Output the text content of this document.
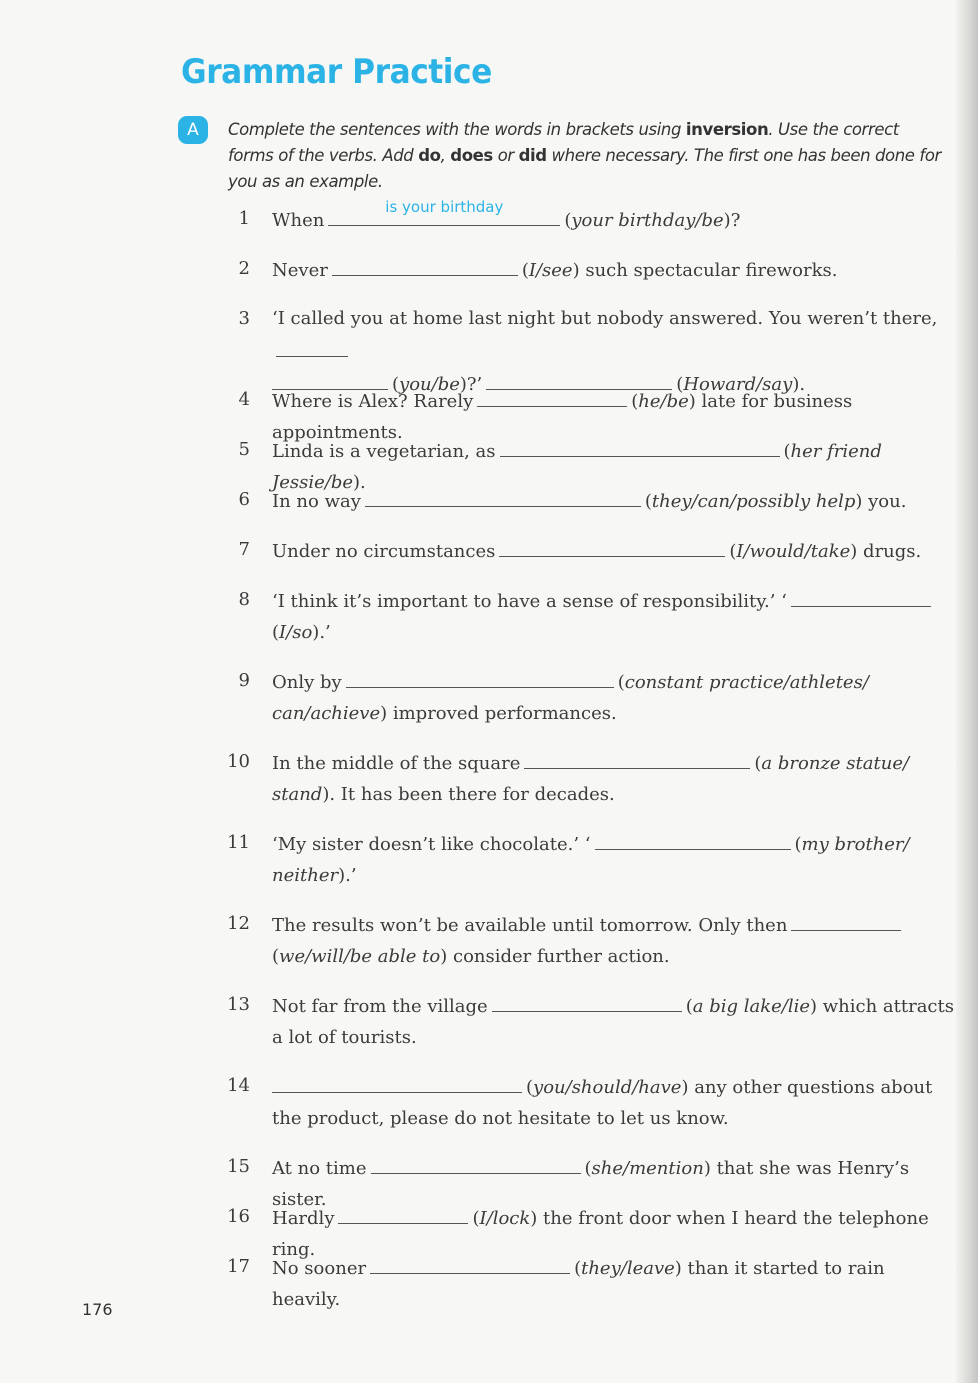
Grammar Practice
A	Complete the sentences with the words in brackets using inversion. Use the correct forms of the verbs. Add do, does or did where necessary. The first one has been done for you as an example.
1 When
is your birthday
(your birthday/be)?
2 Never	(I/see) such spectacular fireworks.
3 ‘I called you at home last night but nobody answered. You weren’t there,
(you/be)?’	(Howard/say).
4 Where is Alex? Rarely	(he/be) late for business appointments.
5 Linda is a vegetarian, as	(her friend Jessie/be).
6 In no way	(they/can/possibly help) you.
7 Under no circumstances	(I/would/take) drugs.
8 ‘I think it’s important to have a sense of responsibility.’ ‘
(I/so).’
9 Only by	(constant practice/athletes/ can/achieve) improved performances.
10 In the middle of the square	(a bronze statue/ stand). It has been there for decades.
11 ‘My sister doesn’t like chocolate.’ ‘	(my brother/ neither).’
12 The results won’t be available until tomorrow. Only then
(we/will/be able to) consider further action.
13 Not far from the village	(a big lake/lie) which attracts a lot of tourists.
14	(you/should/have) any other questions about the product, please do not hesitate to let us know.
15 At no time	(she/mention) that she was Henry’s sister.
16 Hardly	(I/lock) the front door when I heard the telephone ring.
17 No sooner	(they/leave) than it started to rain heavily.
176
